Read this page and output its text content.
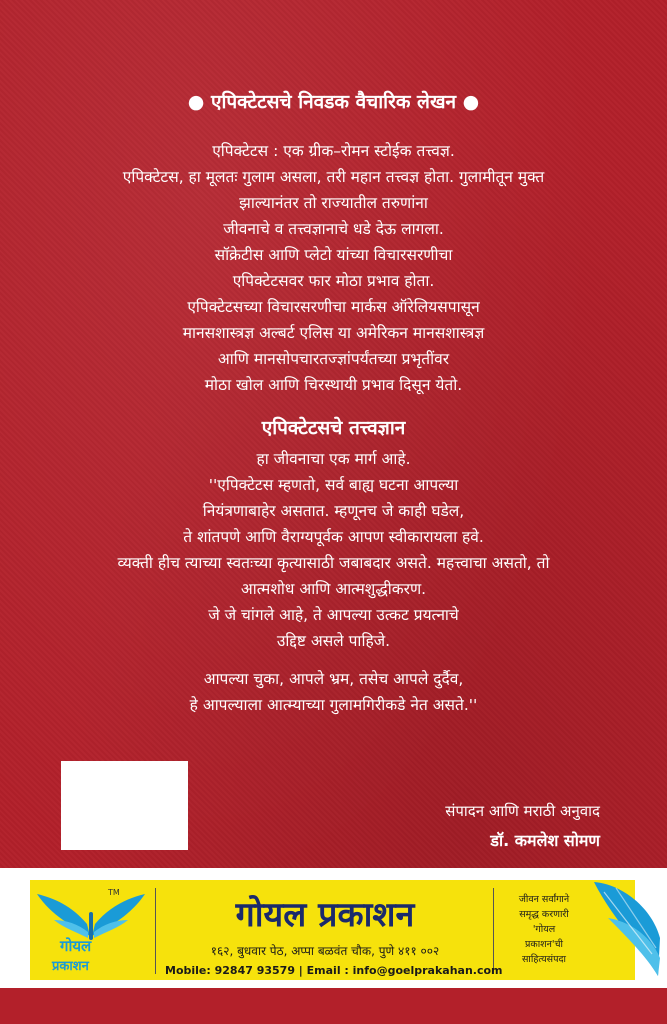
● एपिक्टेटसचे निवडक वैचारिक लेखन ●
एपिक्टेटस : एक ग्रीक–रोमन स्टोईक तत्त्वज्ञ.
एपिक्टेटस, हा मूलतः गुलाम असला, तरी महान तत्त्वज्ञ होता. गुलामीतून मुक्त
झाल्यानंतर तो राज्यातील तरुणांना
जीवनाचे व तत्त्वज्ञानाचे धडे देऊ लागला.
सॉक्रेटीस आणि प्लेटो यांच्या विचारसरणीचा
एपिक्टेटसवर फार मोठा प्रभाव होता.
एपिक्टेटसच्या विचारसरणीचा मार्कस ऑरेलियसपासून
मानसशास्त्रज्ञ अल्बर्ट एलिस या अमेरिकन मानसशास्त्रज्ञ
आणि मानसोपचारतज्ज्ञांपर्यंतच्या प्रभृतींवर
मोठा खोल आणि चिरस्थायी प्रभाव दिसून येतो.
एपिक्टेटसचे तत्त्वज्ञान
हा जीवनाचा एक मार्ग आहे.
''एपिक्टेटस म्हणतो, सर्व बाह्य घटना आपल्या
नियंत्रणाबाहेर असतात. म्हणूनच जे काही घडेल,
ते शांतपणे आणि वैराग्यपूर्वक आपण स्वीकारायला हवे.
व्यक्ती हीच त्याच्या स्वतःच्या कृत्यासाठी जबाबदार असते. महत्त्वाचा असतो, तो
आत्मशोध आणि आत्मशुद्धीकरण.
जे जे चांगले आहे, ते आपल्या उत्कट प्रयत्नाचे
उद्दिष्ट असले पाहिजे.
आपल्या चुका, आपले भ्रम, तसेच आपले दुर्दैव,
हे आपल्याला आत्म्याच्या गुलामगिरीकडे नेत असते.''
संपादन आणि मराठी अनुवाद
डॉ. कमलेश सोमण
TM
गोयल
प्रकाशन
गोयल प्रकाशन
१६२, बुधवार पेठ, अप्पा बळवंत चौक, पुणे ४११ ००२
Mobile: 92847 93579 | Email : info@goelprakahan.com
जीवन सर्वांगाने
समृद्ध करणारी
'गोयल
प्रकाशन'ची
साहित्यसंपदा
